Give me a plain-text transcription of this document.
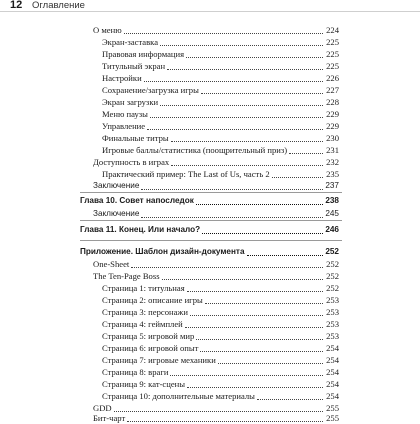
12 Оглавление
О меню	224
Экран-заставка	225
Правовая информация	225
Титульный экран	225
Настройки	226
Сохранение/загрузка игры	227
Экран загрузки	228
Меню паузы	229
Управление	229
Финальные титры	230
Игровые баллы/статистика (поощрительный приз)	231
Доступность в играх	232
Практический пример: The Last of Us, часть 2	235
Заключение	237
Глава 10. Совет напоследок	238
Заключение	245
Глава 11. Конец. Или начало?	246
Приложение. Шаблон дизайн-документа	252
One-Sheet	252
The Ten-Page Boss	252
Страница 1: титульная	252
Страница 2: описание игры	253
Страница 3: персонажи	253
Страница 4: геймплей	253
Страница 5: игровой мир	253
Страница 6: игровой опыт	254
Страница 7: игровые механики	254
Страница 8: враги	254
Страница 9: кат-сцены	254
Страница 10: дополнительные материалы	254
GDD	255
Бит-чарт	255
